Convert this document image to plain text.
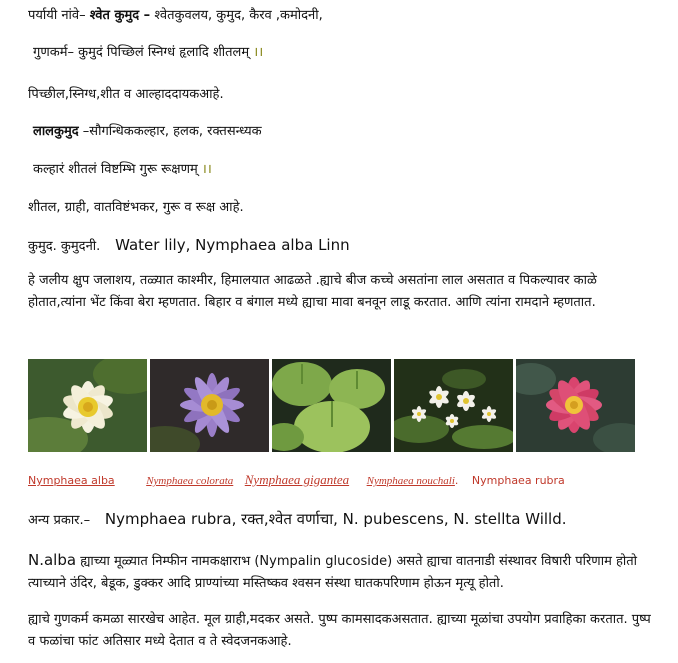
पर्यायी नांवे– श्वेत कुमुद – श्वेतकुवलय, कुमुद, कैरव ,कमोदनी,
गुणकर्म– कुमुदं पिच्छिलं स्निग्धं हृलादि शीतलम् ।।
पिच्छील,स्निग्ध,शीत व आल्हाददायकआहे.
लालकुमुद –सौगन्धिककल्हार, हलक, रक्तसन्ध्यक
कल्हारं शीतलं विष्टम्भि गुरू रूक्षणम् ।।
शीतल, ग्राही, वातविष्टंभकर, गुरू व रूक्ष आहे.
कुमुद. कुमुदनी. Water lily, Nymphaea alba Linn
हे जलीय क्षुप जलाशय, तळ्यात काश्मीर, हिमालयात आढळते .ह्याचे बीज कच्चे असतांना लाल असतात व पिकल्यावर काळे होतात,त्यांना भेंट किंवा बेरा म्हणतात. बिहार व बंगाल मध्ये ह्याचा मावा बनवून लाडू करतात. आणि त्यांना रामदाने म्हणतात.
Nymphaea alba	Nymphaea colorata Nymphaea gigantea Nymphaea nouchali. Nymphaea rubra
अन्य प्रकार.– Nymphaea rubra, रक्त,श्वेत वर्णाचा, N. pubescens, N. stellta Willd.
N.alba ह्याच्या मूळ्यात निम्फीन नामकक्षाराभ (Nympalin glucoside) असते ह्याचा वातनाडी संस्थावर विषारी परिणाम होतो त्याच्याने उंदिर, बेडूक, डुक्कर आदि प्राण्यांच्या मस्तिष्कव श्वसन संस्था घातकपरिणाम होऊन मृत्यू होतो.
ह्याचे गुणकर्म कमळा सारखेच आहेत. मूल ग्राही,मदकर असते. पुष्प कामसादकअसतात. ह्याच्या मूळांचा उपयोग प्रवाहिका करतात. पुष्प व फळांचा फांट अतिसार मध्ये देतात व ते स्वेदजनकआहे.
